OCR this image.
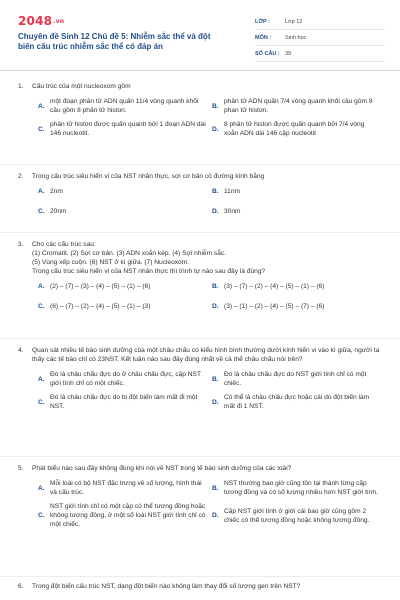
2048.vn
Chuyên đề Sinh 12 Chủ đề 5: Nhiễm sắc thể và đột biến cấu trúc nhiễm sắc thể có đáp án
LỚP :	Lớp 12
MÔN :	Sinh học
SỐ CÂU : 39
1.	Cấu trúc của một nucleoxom gồm
A.
một đoạn phân tử ADN quấn 11/4 vòng quanh khối cầu gồm 8 phân tử histon.
B.
phân tử ADN quấn 7/4 vòng quanh khối cầu gồm 8 phan tử histon.
C.
phân tử histon được quấn quanh bởi 1 đoạn ADN dài 146 nucleotit.
D.
8 phân tử histon được quấn quanh bởi 7/4 vòng xoắn ADN dài 146 cặp nucleotit
2.	Trong cấu trúc siêu hiển vi của NST nhân thực, sợi cơ bản có đường kính bằng
A. 2nm	B. 11nm
C. 20nm	D. 30nm
3.	Cho các cấu trúc sau:
(1) Cromatit. (2) Sợi cơ bản. (3) ADN xoắn kép. (4) Sợi nhiễm sắc.
(5) Vùng xếp cuộn. (6) NST ở kì giữa. (7) Nucleoxom.
Trong cấu trúc siêu hiển vi của NST nhân thực thì trình tự nào sau đây là đúng?
A. (2) – (7) – (3) – (4) – (5) – (1) – (6)	B. (3) – (7) – (2) – (4) – (5) – (1) – (6)
C. (6) – (7) – (2) – (4) – (5) – (1) – (3)	D. (3) – (1) – (2) – (4) – (5) – (7) – (6)
4.	Quan sát nhiều tế bào sinh dưỡng của một châu chấu có kiểu hình bình thường dưới kính hiển vi vào kì giữa, người ta thấy các tế bào chỉ có 23NST. Kết luận nào sau đây đúng nhất về cá thể châu chấu nói trên?
A.
Đó là châu chấu đực do ở châu chấu đực, cặp NST giới tính chỉ có một chiếc.
B.
Đó là châu chấu đực do NST giới tính chỉ có một chiếc.
C.
Đó là châu chấu đực do bị đột biến làm mất đi một NST.
D.
Có thể là châu chấu đực hoặc cái do đột biến làm mất đi 1 NST.
5.	Phát biểu nào sau đây không đúng khi nói về NST trong tế bào sinh dưỡng của các loài?
A.
Mỗi loài có bộ NST đặc trưng về số lượng, hình thái và cấu trúc.
B.
NST thường bao giờ cũng tồn tại thành từng cặp tương đồng và có số lượng nhiều hơn NST giới tính.
C.
NST giới tính chỉ có một cặp có thể tương đồng hoặc không tương đồng, ở một số loài NST giới tính chỉ có một chiếc.
D.
Cặp NST giới tính ở giới cái bao giờ cũng gồm 2 chiếc có thể tương đồng hoặc không tương đồng.
6.	Trong đột biến cấu trúc NST, dạng đột biến nào không làm thay đổi số lượng gen trên NST?
